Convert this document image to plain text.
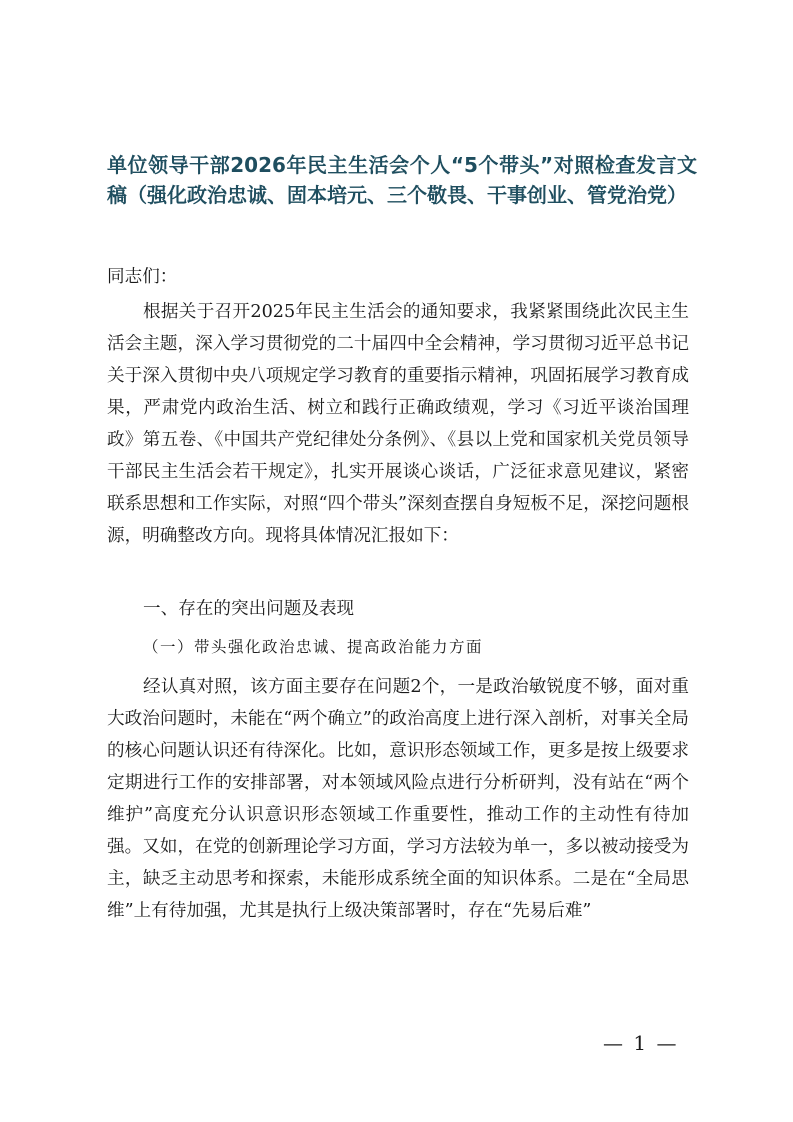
单位领导干部2026年民主生活会个人“5个带头”对照检查发言文稿（强化政治忠诚、固本培元、三个敬畏、干事创业、管党治党）
同志们：
根据关于召开2025年民主生活会的通知要求，我紧紧围绕此次民主生活会主题，深入学习贯彻党的二十届四中全会精神，学习贯彻习近平总书记关于深入贯彻中央八项规定学习教育的重要指示精神，巩固拓展学习教育成果，严肃党内政治生活、树立和践行正确政绩观，学习《习近平谈治国理政》第五卷、《中国共产党纪律处分条例》、《县以上党和国家机关党员领导干部民主生活会若干规定》，扎实开展谈心谈话，广泛征求意见建议，紧密联系思想和工作实际，对照“四个带头”深刻查摆自身短板不足，深挖问题根源，明确整改方向。现将具体情况汇报如下：
一、存在的突出问题及表现
（一）带头强化政治忠诚、提高政治能力方面
经认真对照，该方面主要存在问题2个，一是政治敏锐度不够，面对重大政治问题时，未能在“两个确立”的政治高度上进行深入剖析，对事关全局的核心问题认识还有待深化。比如，意识形态领域工作，更多是按上级要求定期进行工作的安排部署，对本领域风险点进行分析研判，没有站在“两个维护”高度充分认识意识形态领域工作重要性，推动工作的主动性有待加强。又如，在党的创新理论学习方面，学习方法较为单一，多以被动接受为主，缺乏主动思考和探索，未能形成系统全面的知识体系。二是在“全局思维”上有待加强，尤其是执行上级决策部署时，存在“先易后难”
— 1 —
